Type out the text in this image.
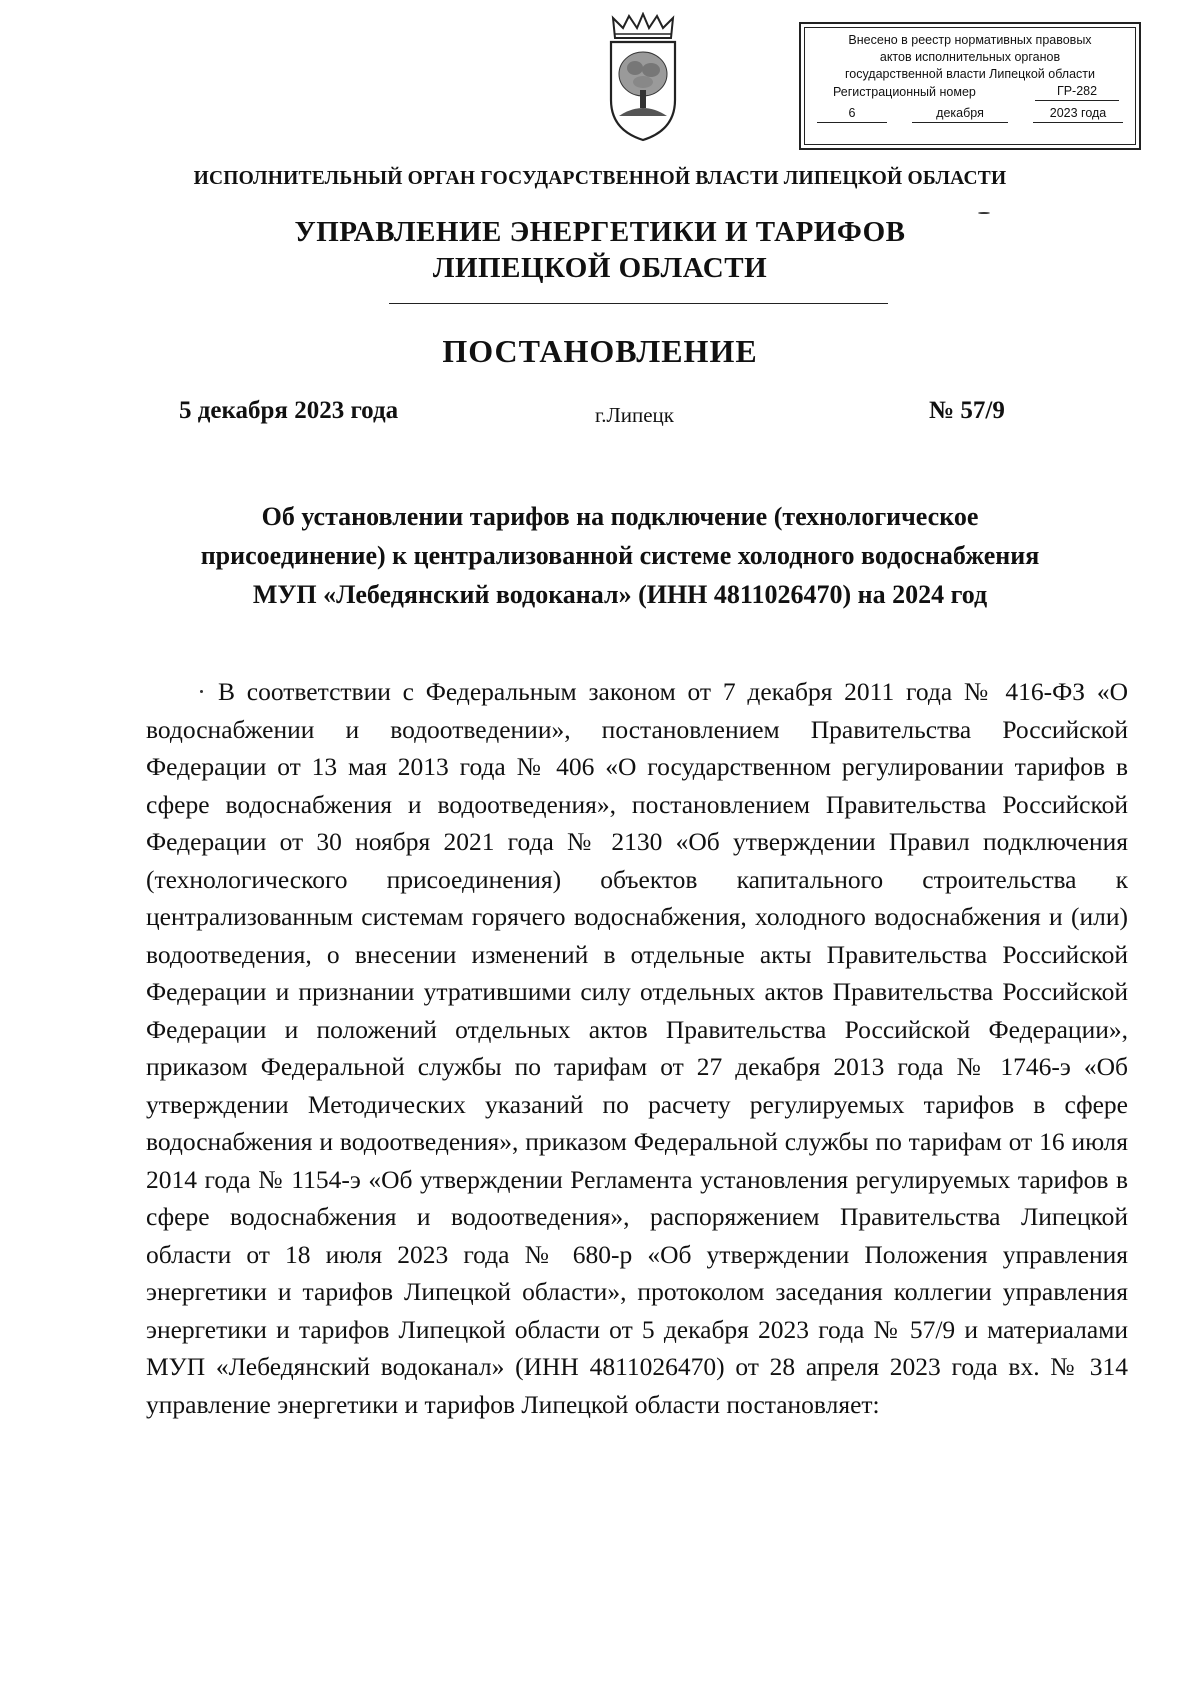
Внесено в реестр нормативных правовых
актов исполнительных органов
государственной власти Липецкой области
Регистрационный номер	ГР-282
6	декабря	2023 года
ИСПОЛНИТЕЛЬНЫЙ ОРГАН ГОСУДАРСТВЕННОЙ ВЛАСТИ ЛИПЕЦКОЙ ОБЛАСТИ
УПРАВЛЕНИЕ ЭНЕРГЕТИКИ И ТАРИФОВ
ЛИПЕЦКОЙ ОБЛАСТИ
ПОСТАНОВЛЕНИЕ
5 декабря 2023 года	г.Липецк	№ 57/9
Об установлении тарифов на подключение (технологическое
присоединение) к централизованной системе холодного водоснабжения
МУП «Лебедянский водоканал» (ИНН 4811026470) на 2024 год

В соответствии с Федеральным законом от 7 декабря 2011 года № 416-ФЗ «О водоснабжении и водоотведении», постановлением Правительства Российской Федерации от 13 мая 2013 года № 406 «О государственном регулировании тарифов в сфере водоснабжения и водоотведения», постановлением Правительства Российской Федерации от 30 ноября 2021 года № 2130 «Об утверждении Правил подключения (технологического присоединения) объектов капитального строительства к централизованным системам горячего водоснабжения, холодного водоснабжения и (или) водоотведения, о внесении изменений в отдельные акты Правительства Российской Федерации и признании утратившими силу отдельных актов Правительства Российской Федерации и положений отдельных актов Правительства Российской Федерации», приказом Федеральной службы по тарифам от 27 декабря 2013 года № 1746-э «Об утверждении Методических указаний по расчету регулируемых тарифов в сфере водоснабжения и водоотведения», приказом Федеральной службы по тарифам от 16 июля 2014 года № 1154-э «Об утверждении Регламента установления регулируемых тарифов в сфере водоснабжения и водоотведения», распоряжением Правительства Липецкой области от 18 июля 2023 года № 680-р «Об утверждении Положения управления энергетики и тарифов Липецкой области», протоколом заседания коллегии управления энергетики и тарифов Липецкой области от 5 декабря 2023 года № 57/9 и материалами МУП «Лебедянский водоканал» (ИНН 4811026470) от 28 апреля 2023 года вх. № 314 управление энергетики и тарифов Липецкой области постановляет:
